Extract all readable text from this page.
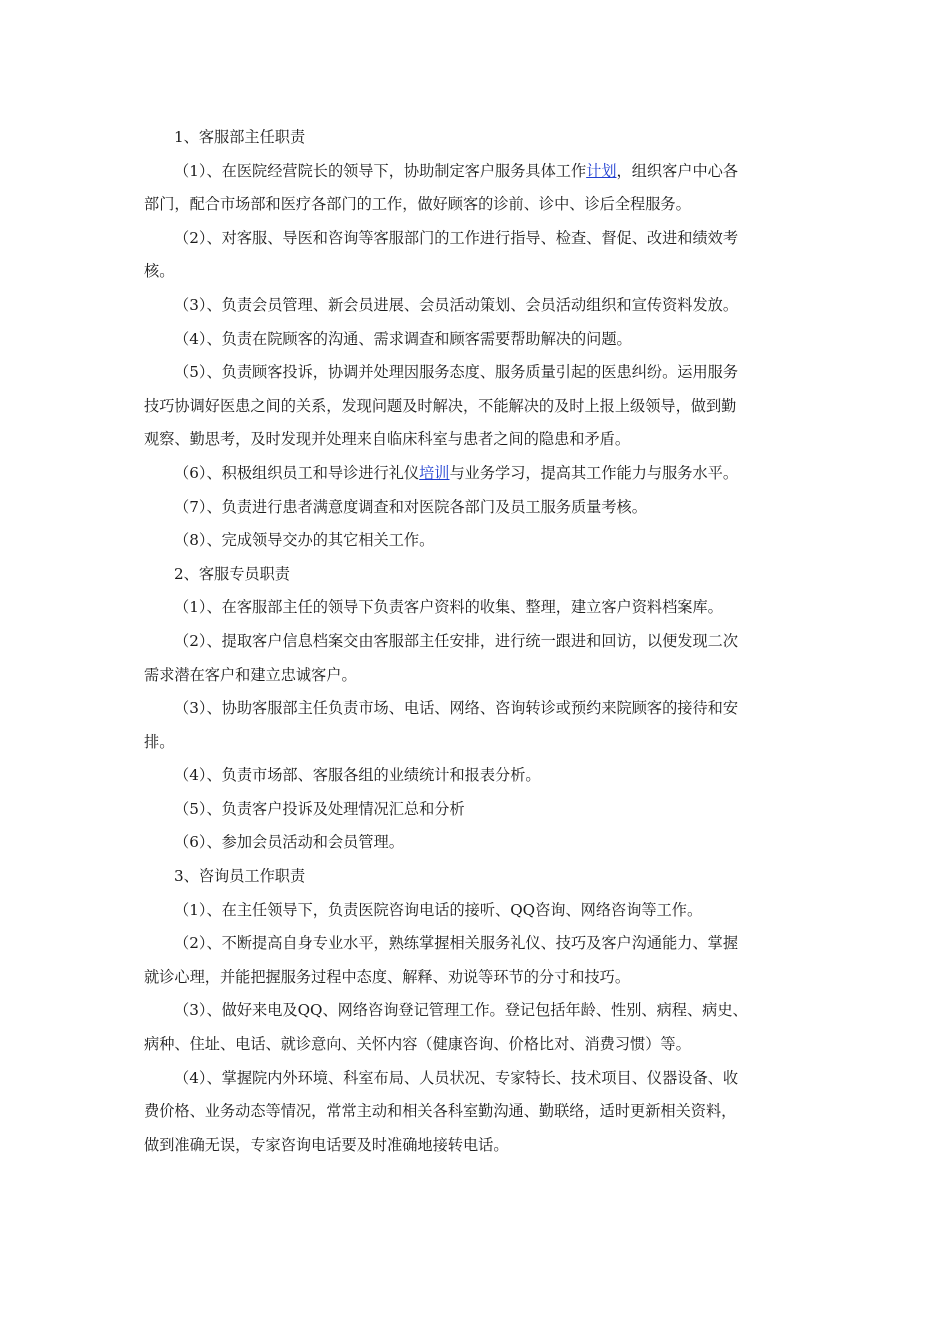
1、客服部主任职责
（1）、在医院经营院长的领导下，协助制定客户服务具体工作计划，组织客户中心各
部门，配合市场部和医疗各部门的工作，做好顾客的诊前、诊中、诊后全程服务。
（2）、对客服、导医和咨询等客服部门的工作进行指导、检查、督促、改进和绩效考
核。
（3）、负责会员管理、新会员进展、会员活动策划、会员活动组织和宣传资料发放。
（4）、负责在院顾客的沟通、需求调查和顾客需要帮助解决的问题。
（5）、负责顾客投诉，协调并处理因服务态度、服务质量引起的医患纠纷。运用服务
技巧协调好医患之间的关系，发现问题及时解决，不能解决的及时上报上级领导，做到勤
观察、勤思考，及时发现并处理来自临床科室与患者之间的隐患和矛盾。
（6）、积极组织员工和导诊进行礼仪培训与业务学习，提高其工作能力与服务水平。
（7）、负责进行患者满意度调查和对医院各部门及员工服务质量考核。
（8）、完成领导交办的其它相关工作。
2、客服专员职责
（1）、在客服部主任的领导下负责客户资料的收集、整理，建立客户资料档案库。
（2）、提取客户信息档案交由客服部主任安排，进行统一跟进和回访，以便发现二次
需求潜在客户和建立忠诚客户。
（3）、协助客服部主任负责市场、电话、网络、咨询转诊或预约来院顾客的接待和安
排。
（4）、负责市场部、客服各组的业绩统计和报表分析。
（5）、负责客户投诉及处理情况汇总和分析
（6）、参加会员活动和会员管理。
3、咨询员工作职责
（1）、在主任领导下，负责医院咨询电话的接听、QQ咨询、网络咨询等工作。
（2）、不断提高自身专业水平，熟练掌握相关服务礼仪、技巧及客户沟通能力、掌握
就诊心理，并能把握服务过程中态度、解释、劝说等环节的分寸和技巧。
（3）、做好来电及QQ、网络咨询登记管理工作。登记包括年龄、性别、病程、病史、
病种、住址、电话、就诊意向、关怀内容（健康咨询、价格比对、消费习惯）等。
（4）、掌握院内外环境、科室布局、人员状况、专家特长、技术项目、仪器设备、收
费价格、业务动态等情况，常常主动和相关各科室勤沟通、勤联络，适时更新相关资料，
做到准确无误，专家咨询电话要及时准确地接转电话。
